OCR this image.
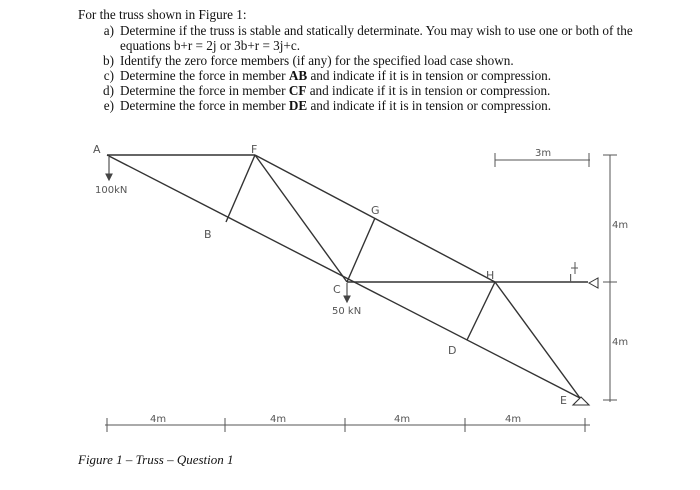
For the truss shown in Figure 1:

a) Determine if the truss is stable and statically determinate. You may wish to use one or both of the equations b+r = 2j or 3b+r = 3j+c.
b) Identify the zero force members (if any) for the specified load case shown.
c) Determine the force in member AB and indicate if it is in tension or compression.
d) Determine the force in member CF and indicate if it is in tension or compression.
e) Determine the force in member DE and indicate if it is in tension or compression.
A	F
G
B
C
H	I
D
E
100kN
50 kN
4m	4m	4m	4m
3m
4m
4m
Figure 1 – Truss – Question 1
